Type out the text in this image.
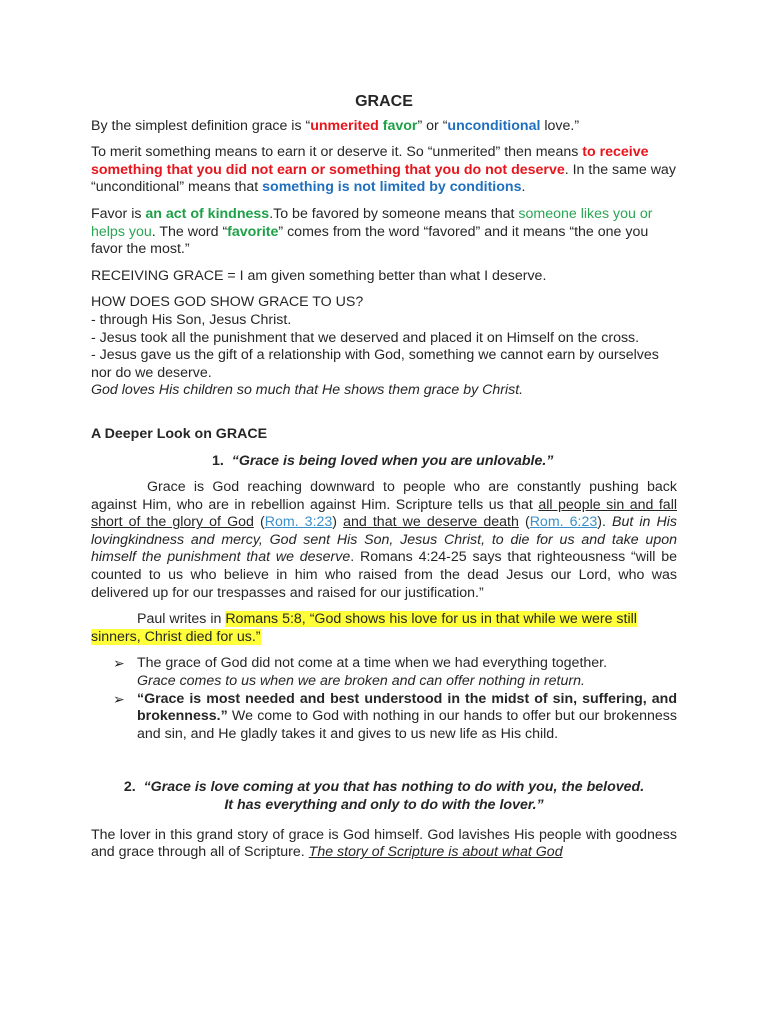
GRACE

By the simplest definition grace is “unmerited favor” or “unconditional love.”

To merit something means to earn it or deserve it. So “unmerited” then means to receive something that you did not earn or something that you do not deserve. In the same way “unconditional” means that something is not limited by conditions.

Favor is an act of kindness.To be favored by someone means that someone likes you or helps you. The word “favorite” comes from the word “favored” and it means “the one you favor the most.”

RECEIVING GRACE = I am given something better than what I deserve.

HOW DOES GOD SHOW GRACE TO US?
- through His Son, Jesus Christ.
- Jesus took all the punishment that we deserved and placed it on Himself on the cross.
- Jesus gave us the gift of a relationship with God, something we cannot earn by ourselves nor do we deserve.
God loves His children so much that He shows them grace by Christ.

A Deeper Look on GRACE
1. “Grace is being loved when you are unlovable.”

Grace is God reaching downward to people who are constantly pushing back against Him, who are in rebellion against Him. Scripture tells us that all people sin and fall short of the glory of God (Rom. 3:23) and that we deserve death (Rom. 6:23). But in His lovingkindness and mercy, God sent His Son, Jesus Christ, to die for us and take upon himself the punishment that we deserve. Romans 4:24-25 says that righteousness “will be counted to us who believe in him who raised from the dead Jesus our Lord, who was delivered up for our trespasses and raised for our justification.”

Paul writes in Romans 5:8, “God shows his love for us in that while we were still sinners, Christ died for us.”

➢ The grace of God did not come at a time when we had everything together.
Grace comes to us when we are broken and can offer nothing in return.
➢ “Grace is most needed and best understood in the midst of sin, suffering, and brokenness.” We come to God with nothing in our hands to offer but our brokenness and sin, and He gladly takes it and gives to us new life as His child.
2. “Grace is love coming at you that has nothing to do with you, the beloved.
It has everything and only to do with the lover.”

The lover in this grand story of grace is God himself. God lavishes His people with goodness and grace through all of Scripture. The story of Scripture is about what God
